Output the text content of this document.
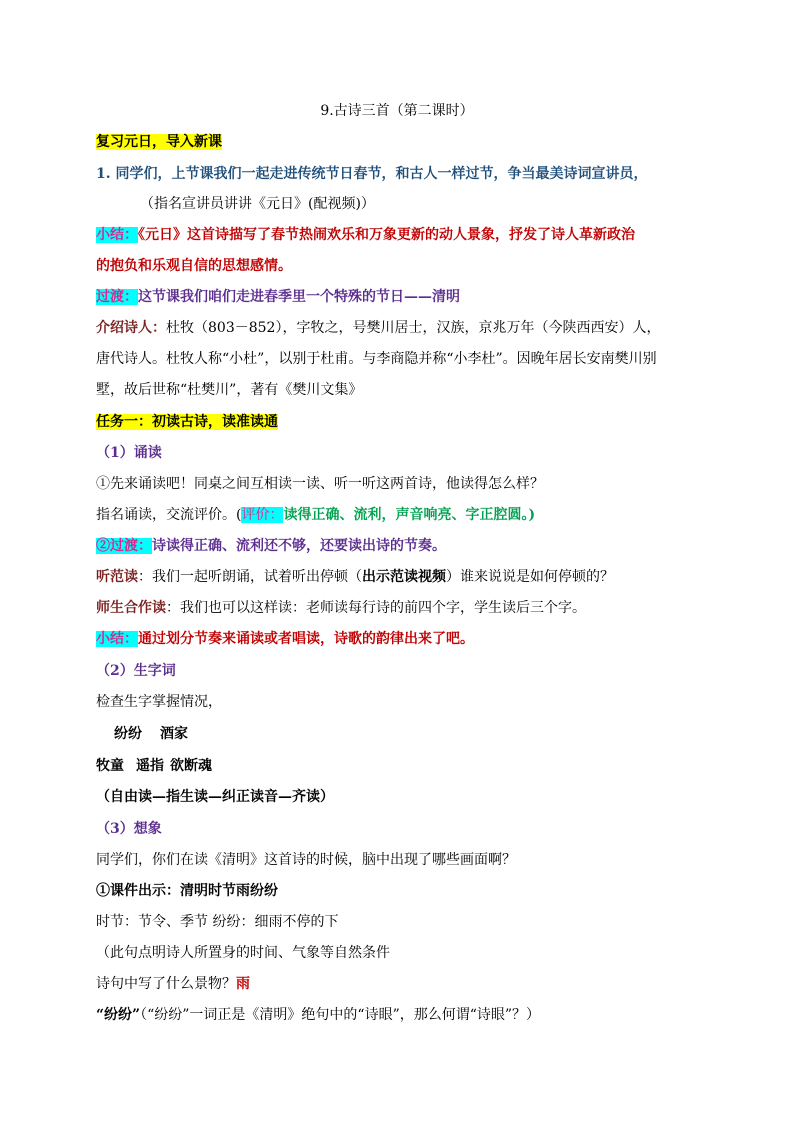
9.古诗三首（第二课时）
复习元日，导入新课
1. 同学们，上节课我们一起走进传统节日春节，和古人一样过节，争当最美诗词宣讲员，
（指名宣讲员讲讲《元日》(配视频)）
小结：《元日》这首诗描写了春节热闹欢乐和万象更新的动人景象，抒发了诗人革新政治
的抱负和乐观自信的思想感情。
过渡：这节课我们咱们走进春季里一个特殊的节日——清明
介绍诗人：杜牧（803－852），字牧之，号樊川居士，汉族，京兆万年（今陕西西安）人，
唐代诗人。杜牧人称“小杜”，以别于杜甫。与李商隐并称“小李杜”。因晚年居长安南樊川别
墅，故后世称“杜樊川”，著有《樊川文集》
任务一：初读古诗，读准读通
（1）诵读
①先来诵读吧！同桌之间互相读一读、听一听这两首诗，他读得怎么样？
指名诵读，交流评价。(评价：读得正确、流利，声音响亮、字正腔圆。)
②过渡：诗读得正确、流利还不够，还要读出诗的节奏。
听范读：我们一起听朗诵，试着听出停顿（出示范读视频）谁来说说是如何停顿的？
师生合作读：我们也可以这样读：老师读每行诗的前四个字，学生读后三个字。
小结：通过划分节奏来诵读或者唱读，诗歌的韵律出来了吧。
（2）生字词
检查生字掌握情况，
纷纷 酒家
牧童 遥指 欲断魂
（自由读—指生读—纠正读音—齐读）
（3）想象
同学们，你们在读《清明》这首诗的时候，脑中出现了哪些画面啊？
①课件出示：清明时节雨纷纷
时节：节令、季节 纷纷：细雨不停的下
（此句点明诗人所置身的时间、气象等自然条件
诗句中写了什么景物？雨
“纷纷”（“纷纷”一词正是《清明》绝句中的“诗眼”，那么何谓“诗眼”？）
